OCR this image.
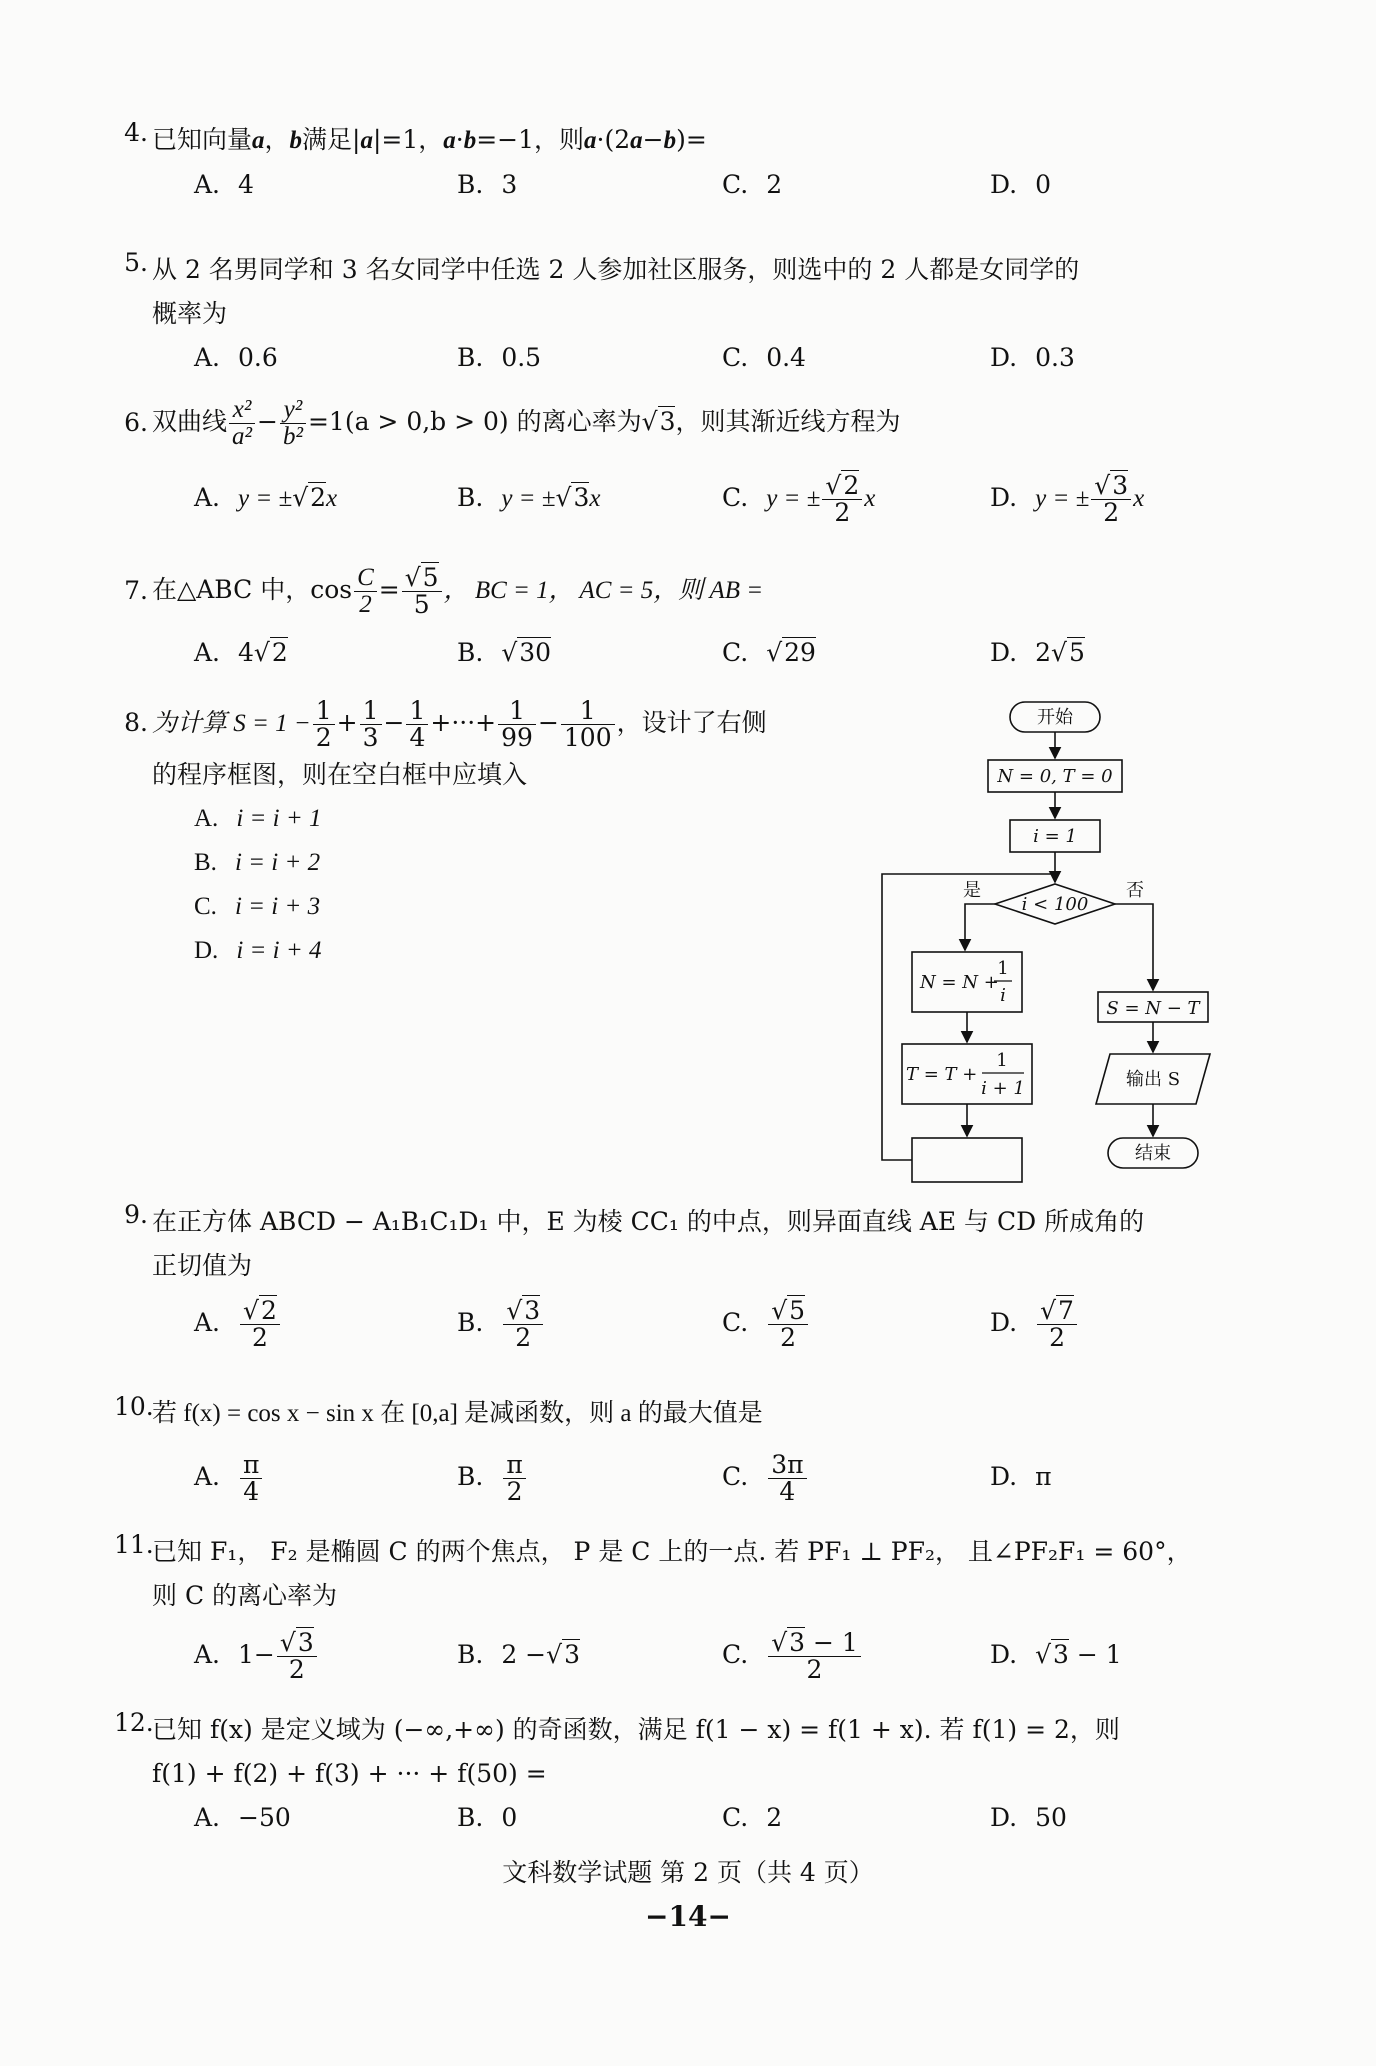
4. 已知向量a，b满足|a|=1，a·b=−1，则a·(2a−b)=
A. 4	B. 3	C. 2	D. 0
5. 从 2 名男同学和 3 名女同学中任选 2 人参加社区服务，则选中的 2 人都是女同学的
概率为
A. 0.6	B. 0.5	C. 0.4	D. 0.3
6. 双曲线 $\frac{\text{x²}}{\text{a²}} - \frac{\text{y²}}{\text{b²}} =1(a > 0,b > 0)$ 的离心率为√3，则其渐近线方程为
A. y = ±√2x	B. y = ±√3x	C. y = ± $\frac{√2}{2}$ x	D. y = ± $\frac{√3}{2}$ x
7. 在△ABC 中，$\cos \frac{C}{2} = \frac{√5}{5}$ ， BC = 1， AC = 5，则 AB =
A. 4√2	B. √30	C. √29	D. 2√5
8. 为计算 $S = 1 - \frac{1}{2} + \frac{1}{3} - \frac{1}{4}$ +···+ $\frac{1}{99} - \frac{1}{100}$ ，设计了右侧
的程序框图，则在空白框中应填入
A. i = i + 1
B. i = i + 2
C. i = i + 3
D. i = i + 4
开始
N = 0, T = 0
i = 1
i < 100
是	否
N = N +
1
i
T = T +
1
i + 1
S = N − T
输出 S
结束
9. 在正方体 ABCD − A₁B₁C₁D₁ 中，E 为棱 CC₁ 的中点，则异面直线 AE 与 CD 所成角的
正切值为
A. $\frac{√2}{2}$	B. $\frac{√3}{2}$	C. $\frac{√5}{2}$	D. $\frac{√7}{2}$
10.
若 f(x) = cos x − sin x 在 [0,a] 是减函数，则 a 的最大值是
A. $\frac{\pi}{4}$	B. $\frac{\pi}{2}$	C. $\frac{3\pi}{4}$	D. π
11.
已知 F₁， F₂ 是椭圆 C 的两个焦点， P 是 C 上的一点. 若 PF₁ ⊥ PF₂， 且∠PF₂F₁ = 60°，
则 C 的离心率为
A. $1- \frac{√3}{2}$	B. 2 −√3	C. $\frac{√3 - 1}{2}$	D. √3 − 1
12.
已知 f(x) 是定义域为 (−∞,+∞) 的奇函数，满足 f(1 − x) = f(1 + x). 若 f(1) = 2，则
f(1) + f(2) + f(3) + ··· + f(50) =
A. −50	B. 0	C. 2	D. 50
文科数学试题 第 2 页（共 4 页）
−14−
